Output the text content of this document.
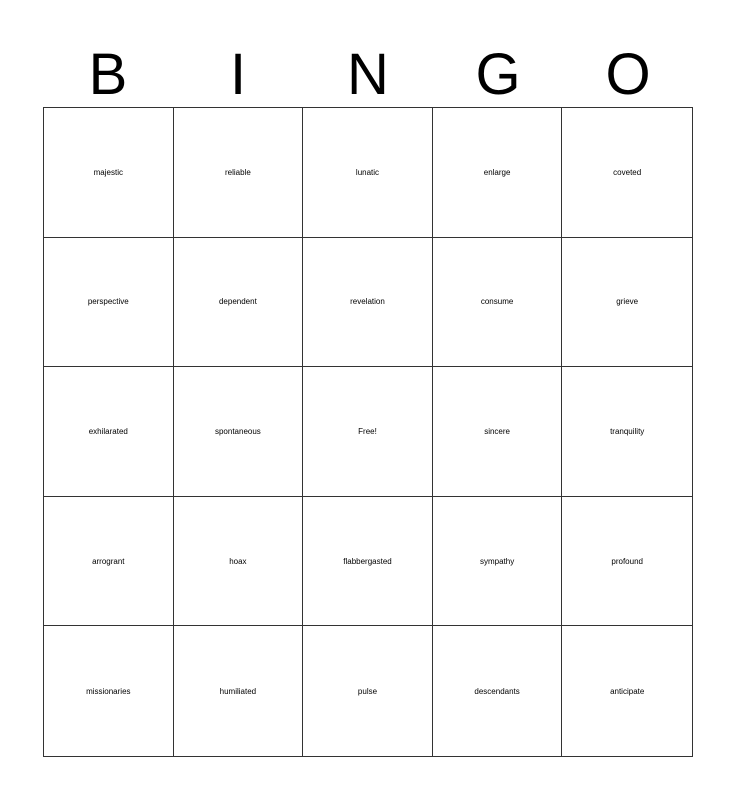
B	I	N	G	O
majestic	reliable	lunatic	enlarge	coveted
perspective	dependent	revelation	consume	grieve
exhilarated	spontaneous	Free!	sincere	tranquility
arrogrant	hoax	flabbergasted	sympathy	profound
missionaries	humiliated	pulse	descendants	anticipate
